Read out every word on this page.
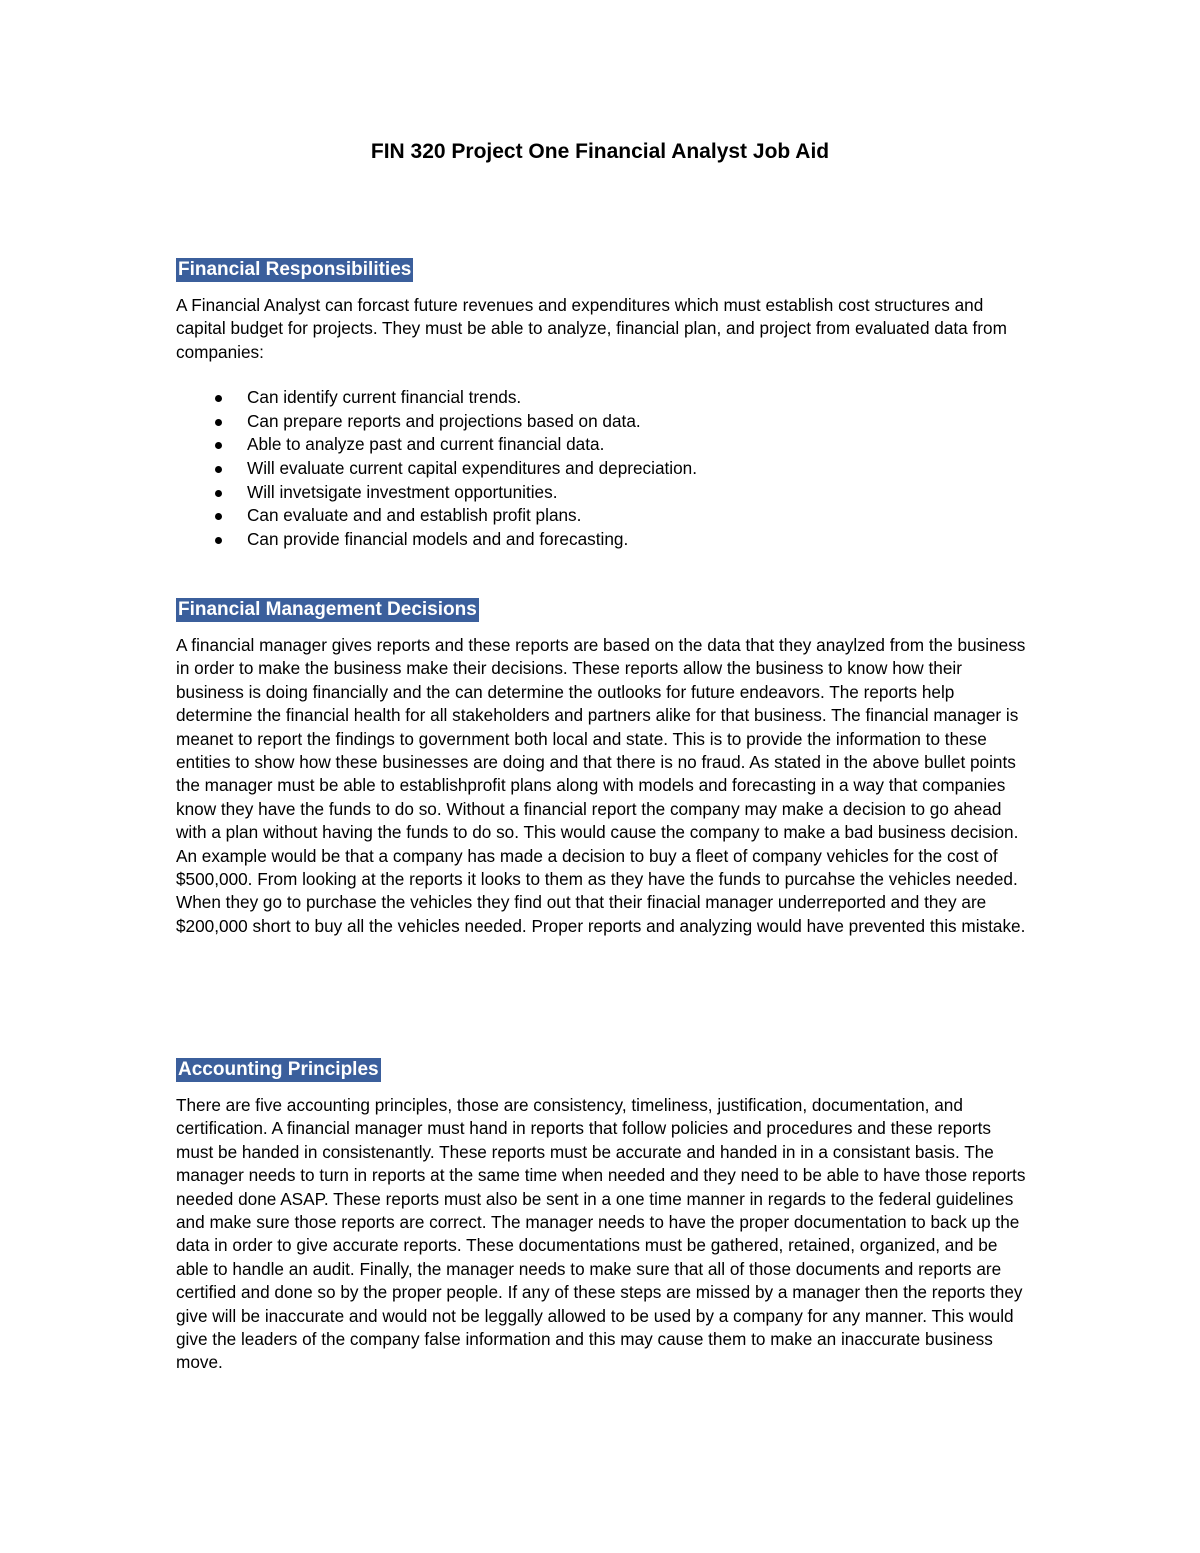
FIN 320 Project One Financial Analyst Job Aid
Financial Responsibilities

A Financial Analyst can forcast future revenues and expenditures which must establish cost structures and capital budget for projects. They must be able to analyze, financial plan, and project from evaluated data from companies:

Can identify current financial trends.
Can prepare reports and projections based on data.
Able to analyze past and current financial data.
Will evaluate current capital expenditures and depreciation.
Will invetsigate investment opportunities.
Can evaluate and and establish profit plans.
Can provide financial models and and forecasting.
Financial Management Decisions

A financial manager gives reports and these reports are based on the data that they anaylzed from the business in order to make the business make their decisions. These reports allow the business to know how their business is doing financially and the can determine the outlooks for future endeavors. The reports help determine the financial health for all stakeholders and partners alike for that business. The financial manager is meanet to report the findings to government both local and state. This is to provide the information to these entities to show how these businesses are doing and that there is no fraud. As stated in the above bullet points the manager must be able to establishprofit plans along with models and forecasting in a way that companies know they have the funds to do so. Without a financial report the company may make a decision to go ahead with a plan without having the funds to do so. This would cause the company to make a bad business decision. An example would be that a company has made a decision to buy a fleet of company vehicles for the cost of $500,000. From looking at the reports it looks to them as they have the funds to purcahse the vehicles needed. When they go to purchase the vehicles they find out that their finacial manager underreported and they are $200,000 short to buy all the vehicles needed. Proper reports and analyzing would have prevented this mistake.

Accounting Principles

There are five accounting principles, those are consistency, timeliness, justification, documentation, and certification. A financial manager must hand in reports that follow policies and procedures and these reports must be handed in consistenantly. These reports must be accurate and handed in in a consistant basis. The manager needs to turn in reports at the same time when needed and they need to be able to have those reports needed done ASAP. These reports must also be sent in a one time manner in regards to the federal guidelines and make sure those reports are correct. The manager needs to have the proper documentation to back up the data in order to give accurate reports. These documentations must be gathered, retained, organized, and be able to handle an audit. Finally, the manager needs to make sure that all of those documents and reports are certified and done so by the proper people. If any of these steps are missed by a manager then the reports they give will be inaccurate and would not be leggally allowed to be used by a company for any manner. This would give the leaders of the company false information and this may cause them to make an inaccurate business move.
